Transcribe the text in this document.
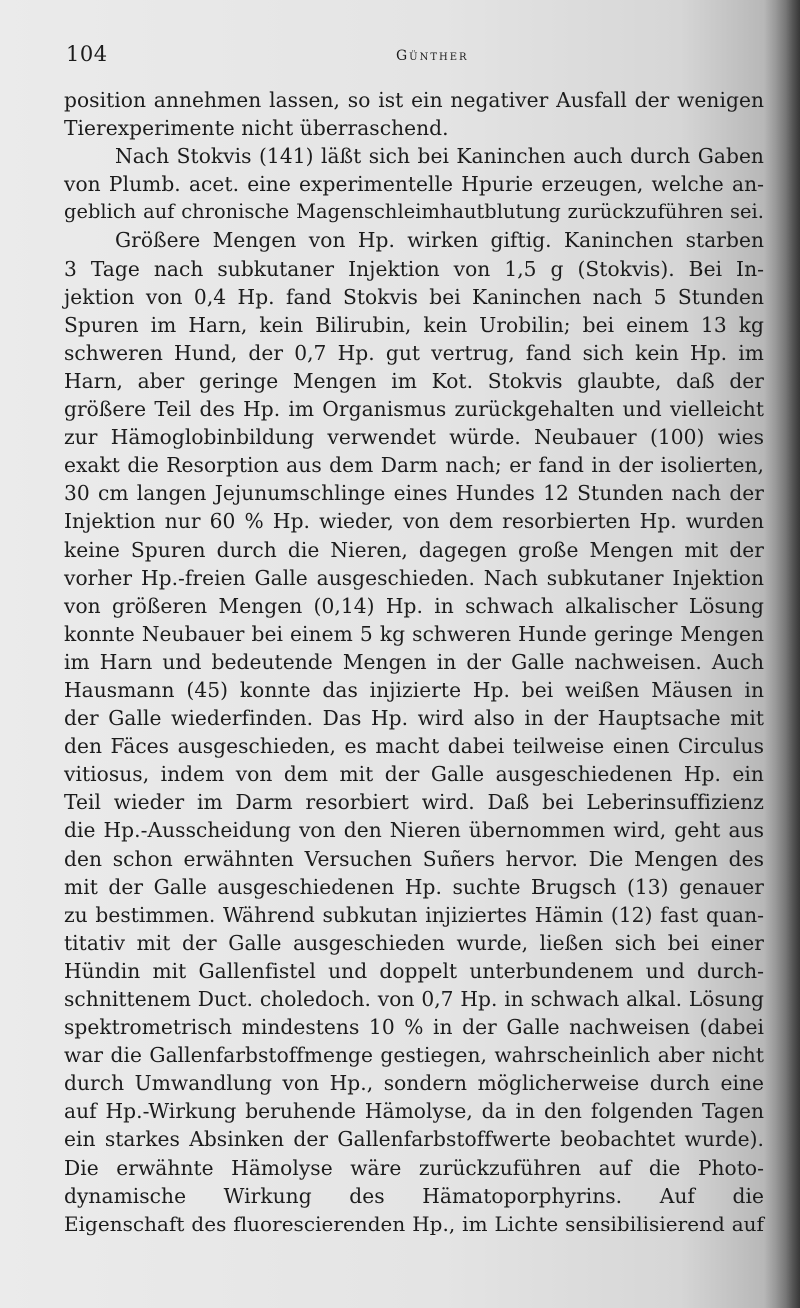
104	Günther
position annehmen lassen, so ist ein negativer Ausfall der wenigen
Tierexperimente nicht überraschend.
Nach Stokvis (141) läßt sich bei Kaninchen auch durch Gaben
von Plumb. acet. eine experimentelle Hpurie erzeugen, welche an-
geblich auf chronische Magenschleimhautblutung zurückzuführen sei.
Größere Mengen von Hp. wirken giftig. Kaninchen starben
3 Tage nach subkutaner Injektion von 1,5 g (Stokvis). Bei In-
jektion von 0,4 Hp. fand Stokvis bei Kaninchen nach 5 Stunden
Spuren im Harn, kein Bilirubin, kein Urobilin; bei einem 13 kg
schweren Hund, der 0,7 Hp. gut vertrug, fand sich kein Hp. im
Harn, aber geringe Mengen im Kot. Stokvis glaubte, daß der
größere Teil des Hp. im Organismus zurückgehalten und vielleicht
zur Hämoglobinbildung verwendet würde. Neubauer (100) wies
exakt die Resorption aus dem Darm nach; er fand in der isolierten,
30 cm langen Jejunumschlinge eines Hundes 12 Stunden nach der
Injektion nur 60 % Hp. wieder, von dem resorbierten Hp. wurden
keine Spuren durch die Nieren, dagegen große Mengen mit der
vorher Hp.-freien Galle ausgeschieden. Nach subkutaner Injektion
von größeren Mengen (0,14) Hp. in schwach alkalischer Lösung
konnte Neubauer bei einem 5 kg schweren Hunde geringe Mengen
im Harn und bedeutende Mengen in der Galle nachweisen. Auch
Hausmann (45) konnte das injizierte Hp. bei weißen Mäusen in
der Galle wiederfinden. Das Hp. wird also in der Hauptsache mit
den Fäces ausgeschieden, es macht dabei teilweise einen Circulus
vitiosus, indem von dem mit der Galle ausgeschiedenen Hp. ein
Teil wieder im Darm resorbiert wird. Daß bei Leberinsuffizienz
die Hp.-Ausscheidung von den Nieren übernommen wird, geht aus
den schon erwähnten Versuchen Suñers hervor. Die Mengen des
mit der Galle ausgeschiedenen Hp. suchte Brugsch (13) genauer
zu bestimmen. Während subkutan injiziertes Hämin (12) fast quan-
titativ mit der Galle ausgeschieden wurde, ließen sich bei einer
Hündin mit Gallenfistel und doppelt unterbundenem und durch-
schnittenem Duct. choledoch. von 0,7 Hp. in schwach alkal. Lösung
spektrometrisch mindestens 10 % in der Galle nachweisen (dabei
war die Gallenfarbstoffmenge gestiegen, wahrscheinlich aber nicht
durch Umwandlung von Hp., sondern möglicherweise durch eine
auf Hp.-Wirkung beruhende Hämolyse, da in den folgenden Tagen
ein starkes Absinken der Gallenfarbstoffwerte beobachtet wurde).
Die erwähnte Hämolyse wäre zurückzuführen auf die Photo-
dynamische Wirkung des Hämatoporphyrins. Auf die
Eigenschaft des fluorescierenden Hp., im Lichte sensibilisierend auf
